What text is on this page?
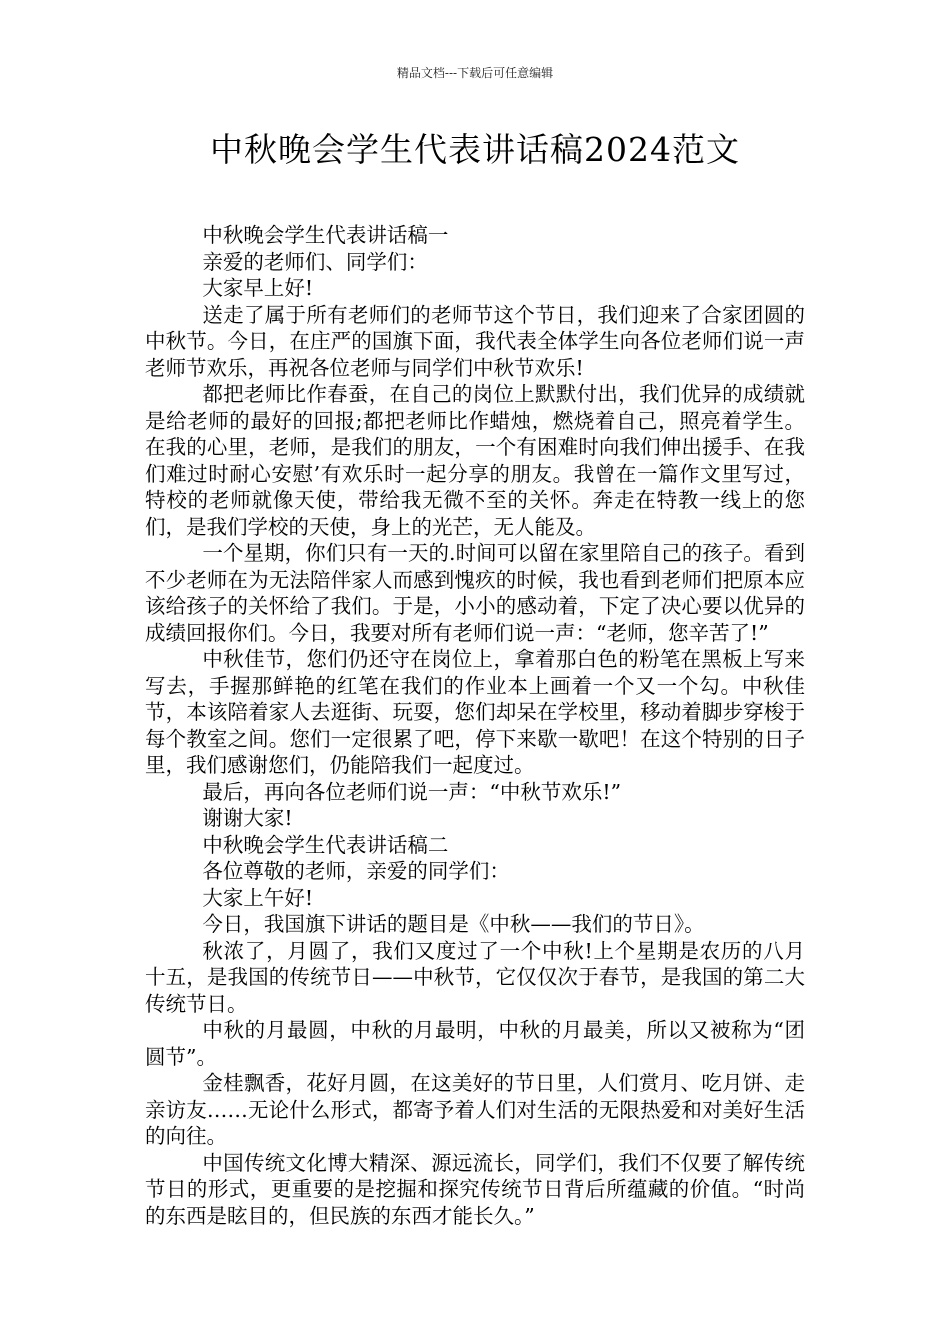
精品文档---下载后可任意编辑
中秋晚会学生代表讲话稿2024范文

中秋晚会学生代表讲话稿一

亲爱的老师们、同学们：

大家早上好!

送走了属于所有老师们的老师节这个节日，我们迎来了合家团圆的中秋节。今日，在庄严的国旗下面，我代表全体学生向各位老师们说一声老师节欢乐，再祝各位老师与同学们中秋节欢乐!

都把老师比作春蚕，在自己的岗位上默默付出，我们优异的成绩就是给老师的最好的回报;都把老师比作蜡烛，燃烧着自己，照亮着学生。在我的心里，老师，是我们的朋友，一个有困难时向我们伸出援手、在我们难过时耐心安慰’有欢乐时一起分享的朋友。我曾在一篇作文里写过，特校的老师就像天使，带给我无微不至的关怀。奔走在特教一线上的您们，是我们学校的天使，身上的光芒，无人能及。

一个星期，你们只有一天的.时间可以留在家里陪自己的孩子。看到不少老师在为无法陪伴家人而感到愧疚的时候，我也看到老师们把原本应该给孩子的关怀给了我们。于是，小小的感动着，下定了决心要以优异的成绩回报你们。今日，我要对所有老师们说一声：“老师，您辛苦了!”

中秋佳节，您们仍还守在岗位上，拿着那白色的粉笔在黑板上写来写去，手握那鲜艳的红笔在我们的作业本上画着一个又一个勾。中秋佳节，本该陪着家人去逛街、玩耍，您们却呆在学校里，移动着脚步穿梭于每个教室之间。您们一定很累了吧，停下来歇一歇吧！在这个特别的日子里，我们感谢您们，仍能陪我们一起度过。

最后，再向各位老师们说一声：“中秋节欢乐!”

谢谢大家!

中秋晚会学生代表讲话稿二

各位尊敬的老师，亲爱的同学们：

大家上午好!

今日，我国旗下讲话的题目是《中秋——我们的节日》。

秋浓了，月圆了，我们又度过了一个中秋!上个星期是农历的八月十五，是我国的传统节日——中秋节，它仅仅次于春节，是我国的第二大传统节日。

中秋的月最圆，中秋的月最明，中秋的月最美，所以又被称为“团圆节”。

金桂飘香，花好月圆，在这美好的节日里，人们赏月、吃月饼、走亲访友……无论什么形式，都寄予着人们对生活的无限热爱和对美好生活的向往。

中国传统文化博大精深、源远流长，同学们，我们不仅要了解传统节日的形式，更重要的是挖掘和探究传统节日背后所蕴藏的价值。“时尚的东西是眩目的，但民族的东西才能长久。”
